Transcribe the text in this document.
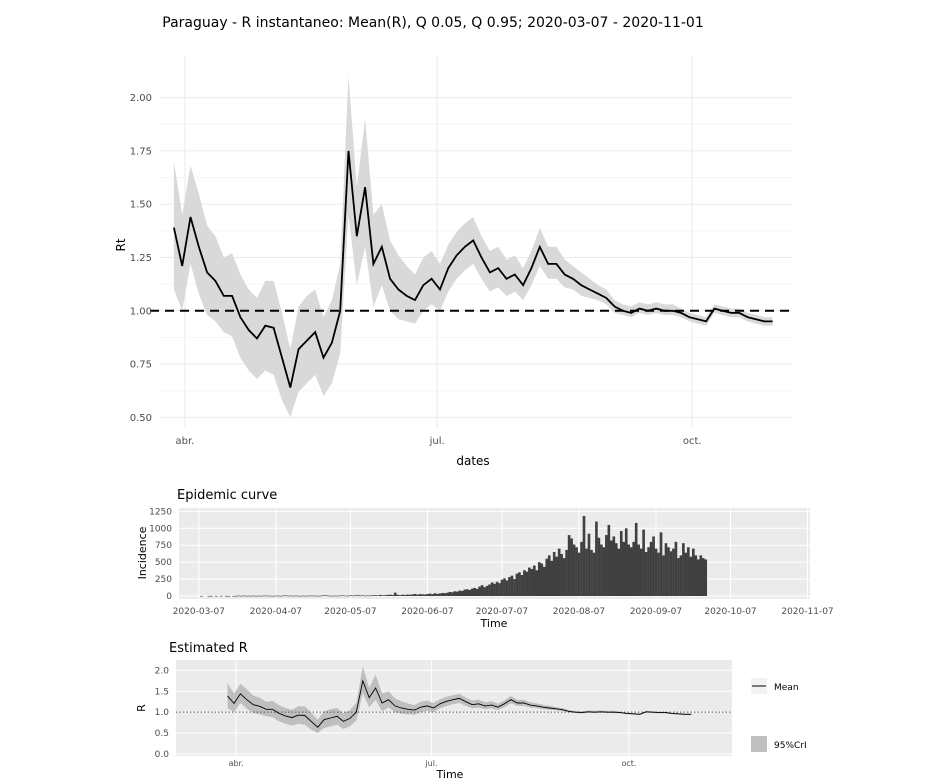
Paraguay - R instantaneo: Mean(R), Q 0.05, Q 0.95; 2020-03-07 - 2020-11-01
0.50
0.75
1.00
1.25
1.50
1.75
2.00
abr.	jul.	oct.
dates
Rt
Epidemic curve
0
250
500
750
1000
1250
2020-03-07	2020-04-07 2020-05-07	2020-06-07 2020-07-07	2020-08-07	2020-09-07 2020-10-07	2020-11-07
Time
Incidence
Estimated R
0.0
0.5
1.0
1.5
2.0
abr.	jul.	oct.
Time
R
Mean
95%CrI
